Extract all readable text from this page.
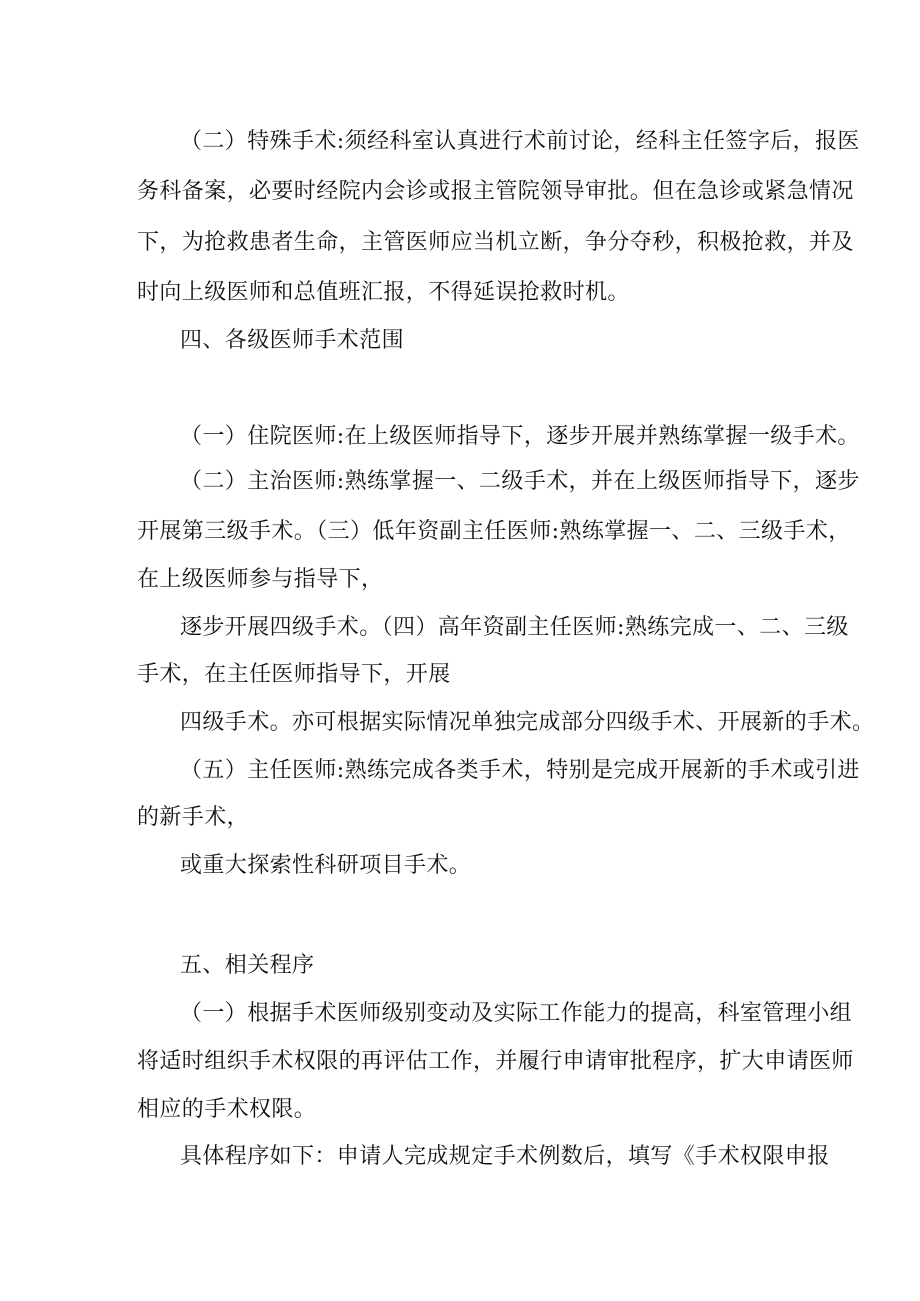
（二）特殊手术:须经科室认真进行术前讨论，经科主任签字后，报医
务科备案，必要时经院内会诊或报主管院领导审批。但在急诊或紧急情况
下，为抢救患者生命，主管医师应当机立断，争分夺秒，积极抢救，并及
时向上级医师和总值班汇报，不得延误抢救时机。
四、各级医师手术范围
（一）住院医师:在上级医师指导下，逐步开展并熟练掌握一级手术。
（二）主治医师:熟练掌握一、二级手术，并在上级医师指导下，逐步
开展第三级手术。（三）低年资副主任医师:熟练掌握一、二、三级手术，
在上级医师参与指导下，
逐步开展四级手术。（四）高年资副主任医师:熟练完成一、二、三级
手术，在主任医师指导下，开展
四级手术。亦可根据实际情况单独完成部分四级手术、开展新的手术。
（五）主任医师:熟练完成各类手术，特别是完成开展新的手术或引进
的新手术，
或重大探索性科研项目手术。
五、相关程序
（一）根据手术医师级别变动及实际工作能力的提高，科室管理小组
将适时组织手术权限的再评估工作，并履行申请审批程序，扩大申请医师
相应的手术权限。
具体程序如下：申请人完成规定手术例数后，填写《手术权限申报
